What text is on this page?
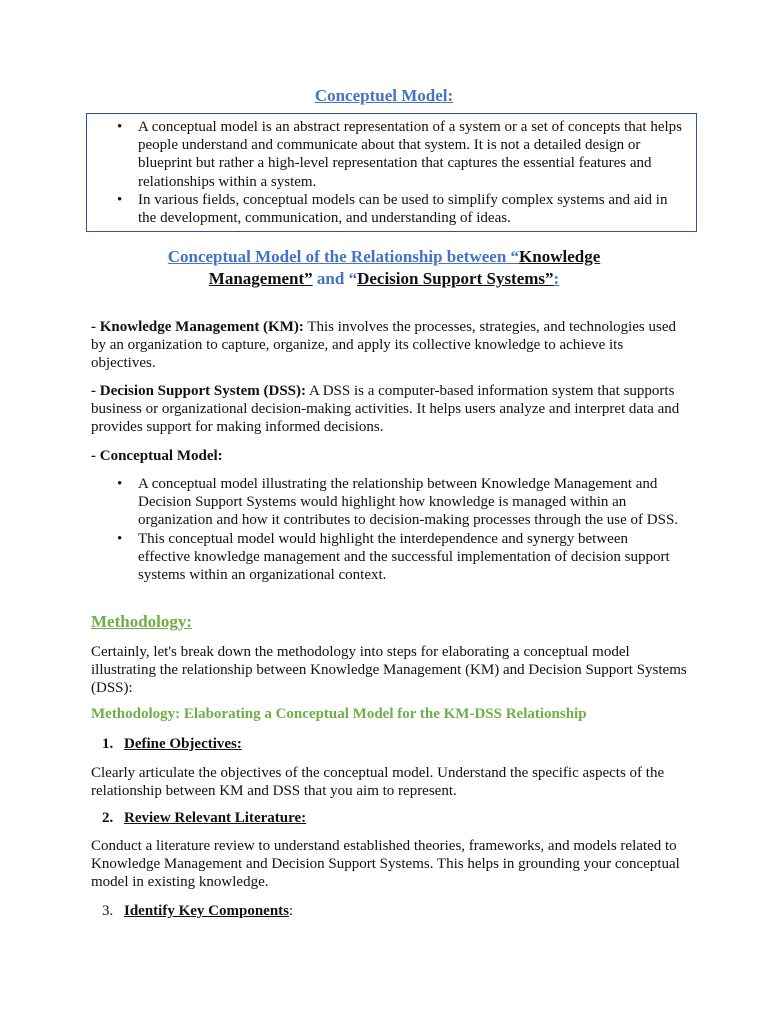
Conceptuel Model:
• A conceptual model is an abstract representation of a system or a set of concepts that helps people understand and communicate about that system. It is not a detailed design or blueprint but rather a high-level representation that captures the essential features and relationships within a system.
• In various fields, conceptual models can be used to simplify complex systems and aid in the development, communication, and understanding of ideas.
Conceptual Model of the Relationship between “Knowledge
Management” and “Decision Support Systems”:
- Knowledge Management (KM): This involves the processes, strategies, and technologies used by an organization to capture, organize, and apply its collective knowledge to achieve its objectives.
- Decision Support System (DSS): A DSS is a computer-based information system that supports business or organizational decision-making activities. It helps users analyze and interpret data and provides support for making informed decisions.
- Conceptual Model:
• A conceptual model illustrating the relationship between Knowledge Management and Decision Support Systems would highlight how knowledge is managed within an organization and how it contributes to decision-making processes through the use of DSS.
• This conceptual model would highlight the interdependence and synergy between effective knowledge management and the successful implementation of decision support systems within an organizational context.
Methodology:
Certainly, let's break down the methodology into steps for elaborating a conceptual model illustrating the relationship between Knowledge Management (KM) and Decision Support Systems (DSS):
Methodology: Elaborating a Conceptual Model for the KM-DSS Relationship
1. Define Objectives:
Clearly articulate the objectives of the conceptual model. Understand the specific aspects of the relationship between KM and DSS that you aim to represent.
2. Review Relevant Literature:
Conduct a literature review to understand established theories, frameworks, and models related to Knowledge Management and Decision Support Systems. This helps in grounding your conceptual model in existing knowledge.
3. Identify Key Components:
